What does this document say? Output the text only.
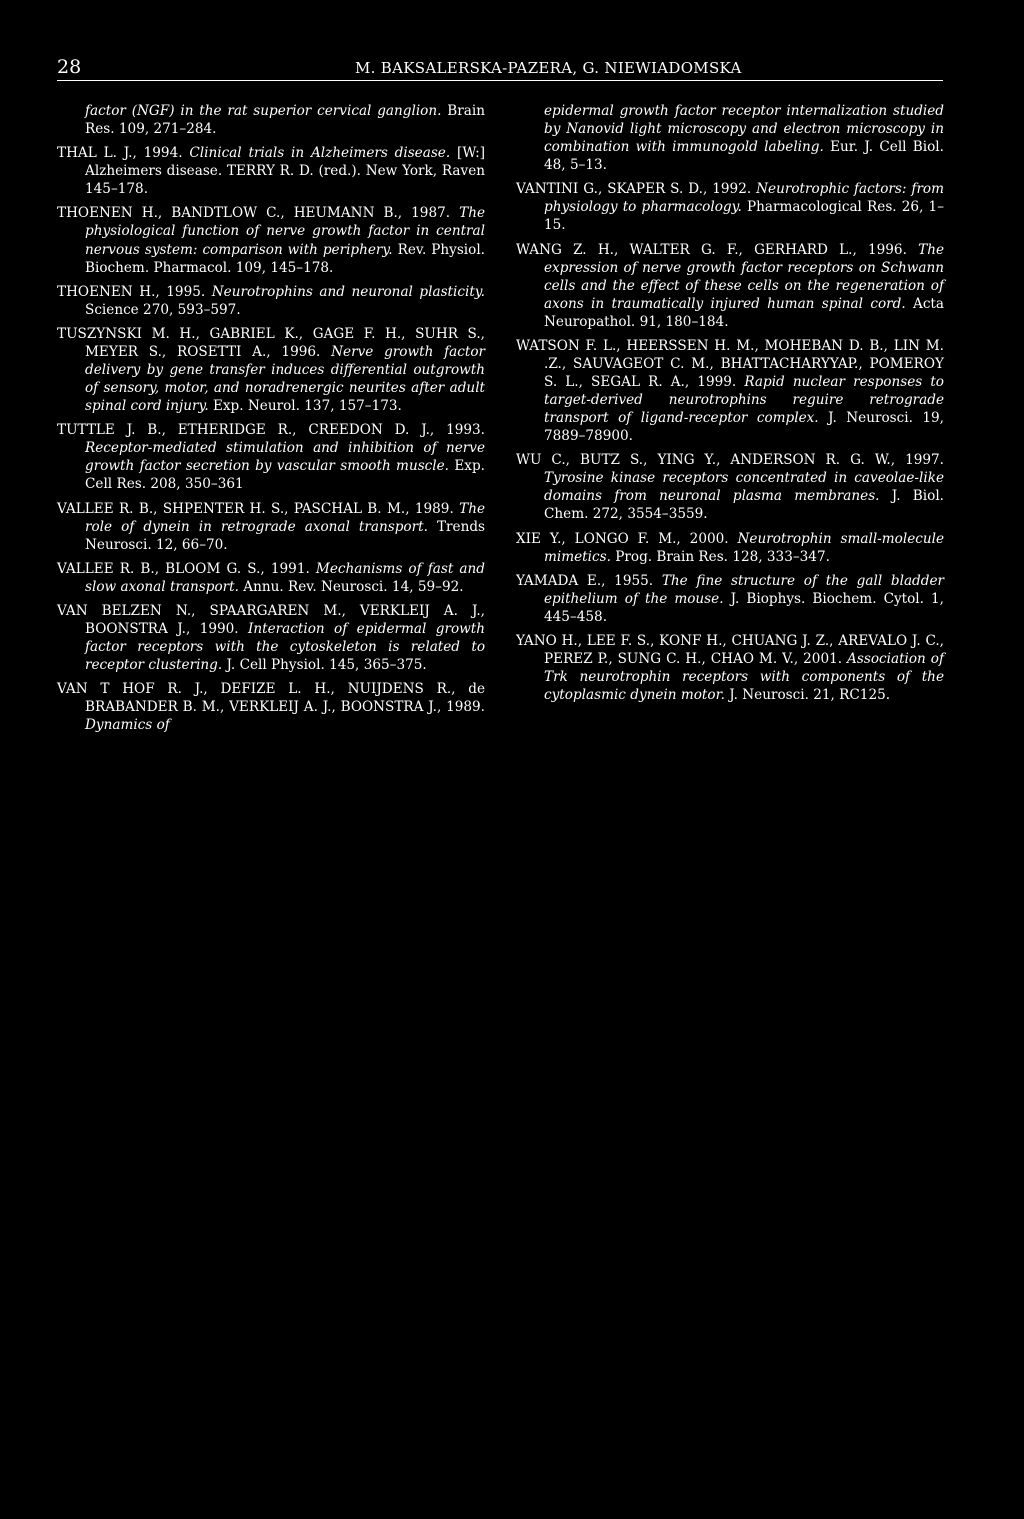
28	M. BAKSALERSKA-PAZERA, G. NIEWIADOMSKA

factor (NGF) in the rat superior cervical ganglion. Brain Res. 109, 271–284.

THAL L. J., 1994. Clinical trials in Alzheimers disease. [W:] Alzheimers disease. TERRY R. D. (red.). New York, Raven 145–178.

THOENEN H., BANDTLOW C., HEUMANN B., 1987. The physiological function of nerve growth factor in central nervous system: comparison with periphery. Rev. Physiol. Biochem. Pharmacol. 109, 145–178.

THOENEN H., 1995. Neurotrophins and neuronal plasticity. Science 270, 593–597.

TUSZYNSKI M. H., GABRIEL K., GAGE F. H., SUHR S., MEYER S., ROSETTI A., 1996. Nerve growth factor delivery by gene transfer induces differential outgrowth of sensory, motor, and noradrenergic neurites after adult spinal cord injury. Exp. Neurol. 137, 157–173.

TUTTLE J. B., ETHERIDGE R., CREEDON D. J., 1993. Receptor-mediated stimulation and inhibition of nerve growth factor secretion by vascular smooth muscle. Exp. Cell Res. 208, 350–361

VALLEE R. B., SHPENTER H. S., PASCHAL B. M., 1989. The role of dynein in retrograde axonal transport. Trends Neurosci. 12, 66–70.

VALLEE R. B., BLOOM G. S., 1991. Mechanisms of fast and slow axonal transport. Annu. Rev. Neurosci. 14, 59–92.

VAN BELZEN N., SPAARGAREN M., VERKLEIJ A. J., BOONSTRA J., 1990. Interaction of epidermal growth factor receptors with the cytoskeleton is related to receptor clustering. J. Cell Physiol. 145, 365–375.

VAN T HOF R. J., DEFIZE L. H., NUIJDENS R., de BRABANDER B. M., VERKLEIJ A. J., BOONSTRA J., 1989. Dynamics of

epidermal growth factor receptor internalization studied by Nanovid light microscopy and electron microscopy in combination with immunogold labeling. Eur. J. Cell Biol. 48, 5–13.

VANTINI G., SKAPER S. D., 1992. Neurotrophic factors: from physiology to pharmacology. Pharmacological Res. 26, 1–15.

WANG Z. H., WALTER G. F., GERHARD L., 1996. The expression of nerve growth factor receptors on Schwann cells and the effect of these cells on the regeneration of axons in traumatically injured human spinal cord. Acta Neuropathol. 91, 180–184.

WATSON F. L., HEERSSEN H. M., MOHEBAN D. B., LIN M. .Z., SAUVAGEOT C. M., BHATTACHARYYAP., POMEROY S. L., SEGAL R. A., 1999. Rapid nuclear responses to target-derived neurotrophins reguire retrograde transport of ligand-receptor complex. J. Neurosci. 19, 7889–78900.

WU C., BUTZ S., YING Y., ANDERSON R. G. W., 1997. Tyrosine kinase receptors concentrated in caveolae-like domains from neuronal plasma membranes. J. Biol. Chem. 272, 3554–3559.

XIE Y., LONGO F. M., 2000. Neurotrophin small-molecule mimetics. Prog. Brain Res. 128, 333–347.

YAMADA E., 1955. The fine structure of the gall bladder epithelium of the mouse. J. Biophys. Biochem. Cytol. 1, 445–458.

YANO H., LEE F. S., KONF H., CHUANG J. Z., AREVALO J. C., PEREZ P., SUNG C. H., CHAO M. V., 2001. Association of Trk neurotrophin receptors with components of the cytoplasmic dynein motor. J. Neurosci. 21, RC125.
